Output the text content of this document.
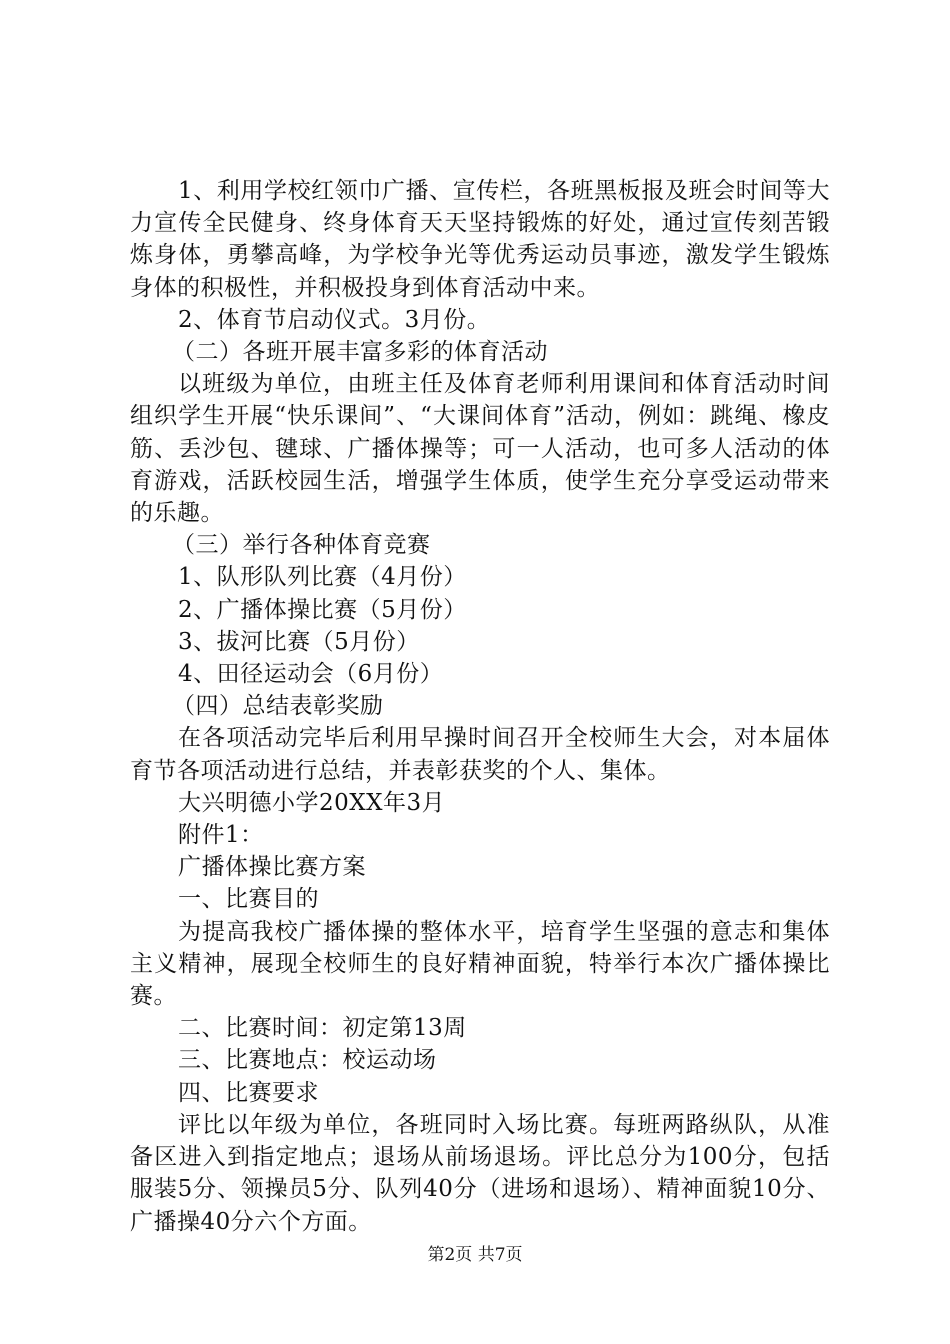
1、利用学校红领巾广播、宣传栏，各班黑板报及班会时间等大力宣传全民健身、终身体育天天坚持锻炼的好处，通过宣传刻苦锻炼身体，勇攀高峰，为学校争光等优秀运动员事迹，激发学生锻炼身体的积极性，并积极投身到体育活动中来。

2、体育节启动仪式。3月份。

（二）各班开展丰富多彩的体育活动

以班级为单位，由班主任及体育老师利用课间和体育活动时间组织学生开展“快乐课间”、“大课间体育”活动，例如：跳绳、橡皮筋、丢沙包、毽球、广播体操等；可一人活动，也可多人活动的体育游戏，活跃校园生活，增强学生体质，使学生充分享受运动带来的乐趣。

（三）举行各种体育竞赛

1、队形队列比赛（4月份）

2、广播体操比赛（5月份）

3、拔河比赛（5月份）

4、田径运动会（6月份）

（四）总结表彰奖励

在各项活动完毕后利用早操时间召开全校师生大会，对本届体育节各项活动进行总结，并表彰获奖的个人、集体。

大兴明德小学20XX年3月

附件1：

广播体操比赛方案

一、比赛目的

为提高我校广播体操的整体水平，培育学生坚强的意志和集体主义精神，展现全校师生的良好精神面貌，特举行本次广播体操比赛。

二、比赛时间：初定第13周

三、比赛地点：校运动场

四、比赛要求

评比以年级为单位，各班同时入场比赛。每班两路纵队，从准备区进入到指定地点；退场从前场退场。评比总分为100分，包括服装5分、领操员5分、队列40分（进场和退场）、精神面貌10分、广播操40分六个方面。

第2页 共7页
